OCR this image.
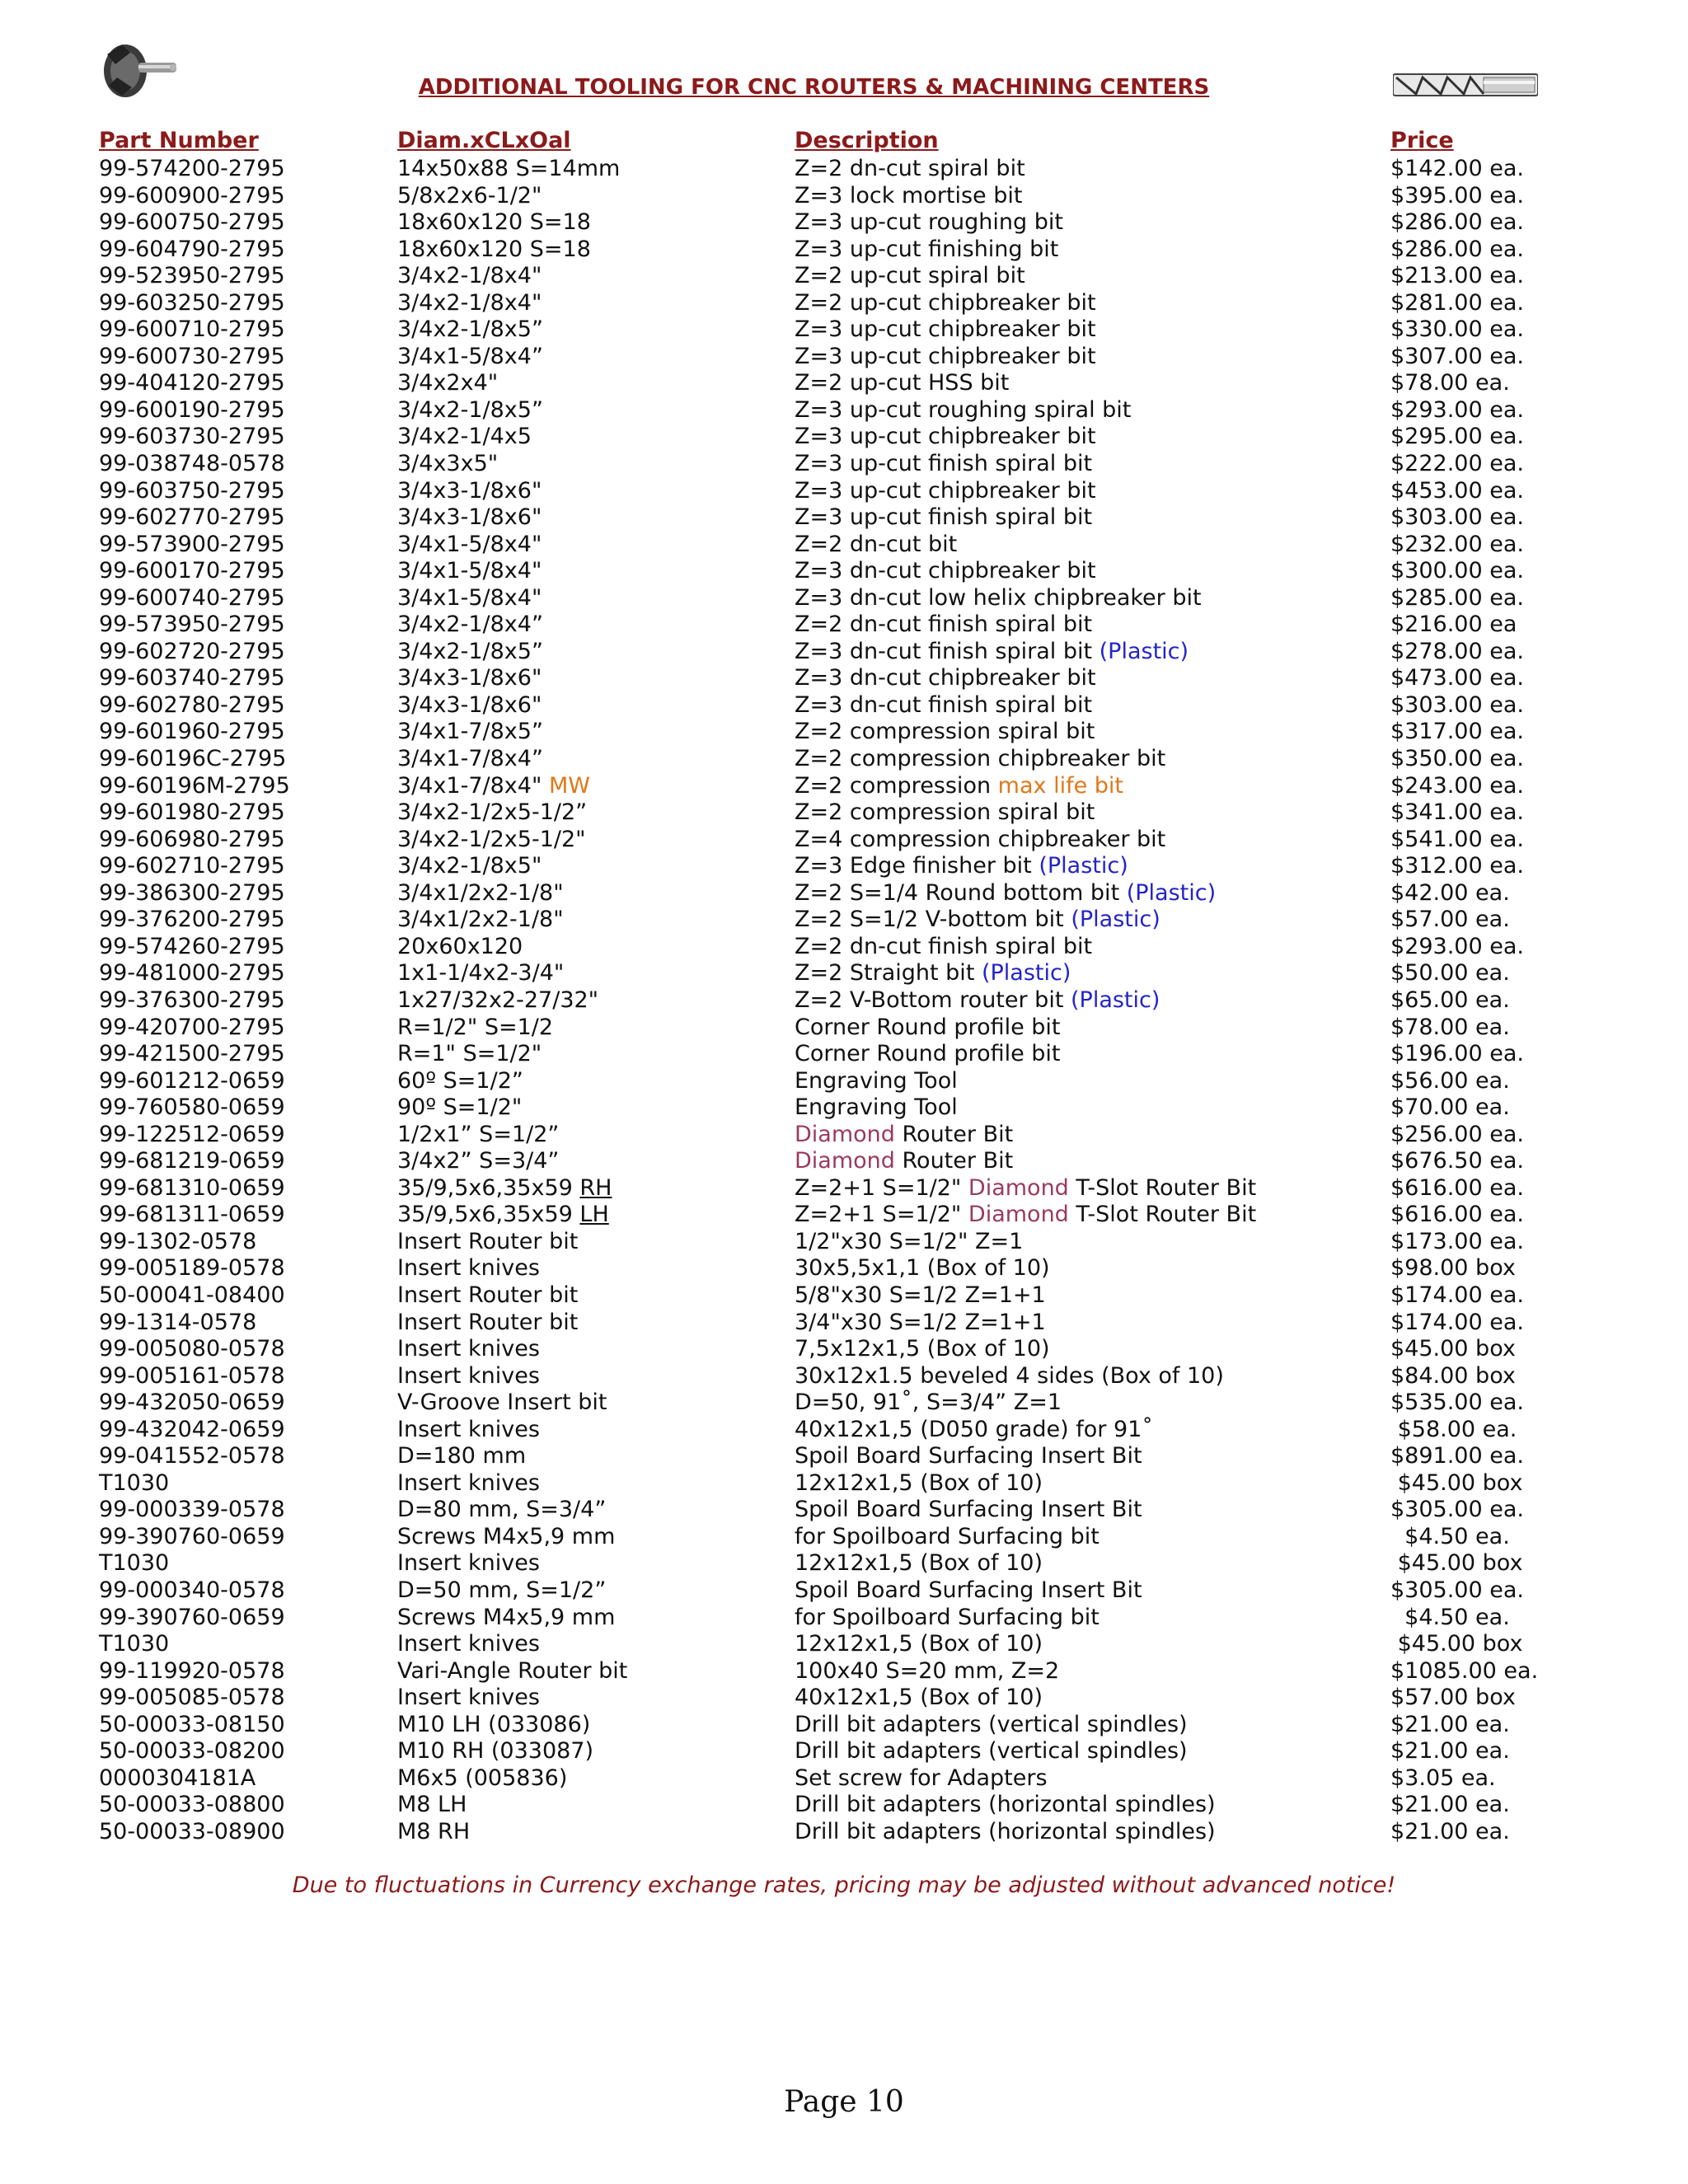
ADDITIONAL TOOLING FOR CNC ROUTERS & MACHINING CENTERS
Part Number	Diam.xCLxOal	Description	Price
99-574200-2795	14x50x88 S=14mm	Z=2 dn-cut spiral bit	$142.00 ea.
99-600900-2795	5/8x2x6-1/2"	Z=3 lock mortise bit	$395.00 ea.
99-600750-2795	18x60x120 S=18	Z=3 up-cut roughing bit	$286.00 ea.
99-604790-2795	18x60x120 S=18	Z=3 up-cut finishing bit	$286.00 ea.
99-523950-2795	3/4x2-1/8x4"	Z=2 up-cut spiral bit	$213.00 ea.
99-603250-2795	3/4x2-1/8x4"	Z=2 up-cut chipbreaker bit	$281.00 ea.
99-600710-2795	3/4x2-1/8x5”	Z=3 up-cut chipbreaker bit	$330.00 ea.
99-600730-2795	3/4x1-5/8x4”	Z=3 up-cut chipbreaker bit	$307.00 ea.
99-404120-2795	3/4x2x4"	Z=2 up-cut HSS bit	$78.00 ea.
99-600190-2795	3/4x2-1/8x5”	Z=3 up-cut roughing spiral bit	$293.00 ea.
99-603730-2795	3/4x2-1/4x5	Z=3 up-cut chipbreaker bit	$295.00 ea.
99-038748-0578	3/4x3x5"	Z=3 up-cut finish spiral bit	$222.00 ea.
99-603750-2795	3/4x3-1/8x6"	Z=3 up-cut chipbreaker bit	$453.00 ea.
99-602770-2795	3/4x3-1/8x6"	Z=3 up-cut finish spiral bit	$303.00 ea.
99-573900-2795	3/4x1-5/8x4"	Z=2 dn-cut bit	$232.00 ea.
99-600170-2795	3/4x1-5/8x4"	Z=3 dn-cut chipbreaker bit	$300.00 ea.
99-600740-2795	3/4x1-5/8x4"	Z=3 dn-cut low helix chipbreaker bit	$285.00 ea.
99-573950-2795	3/4x2-1/8x4”	Z=2 dn-cut finish spiral bit	$216.00 ea
99-602720-2795	3/4x2-1/8x5”	Z=3 dn-cut finish spiral bit (Plastic)	$278.00 ea.
99-603740-2795	3/4x3-1/8x6"	Z=3 dn-cut chipbreaker bit	$473.00 ea.
99-602780-2795	3/4x3-1/8x6"	Z=3 dn-cut finish spiral bit	$303.00 ea.
99-601960-2795	3/4x1-7/8x5”	Z=2 compression spiral bit	$317.00 ea.
99-60196C-2795	3/4x1-7/8x4”	Z=2 compression chipbreaker bit	$350.00 ea.
99-60196M-2795	3/4x1-7/8x4" MW	Z=2 compression max life bit	$243.00 ea.
99-601980-2795	3/4x2-1/2x5-1/2”	Z=2 compression spiral bit	$341.00 ea.
99-606980-2795	3/4x2-1/2x5-1/2"	Z=4 compression chipbreaker bit	$541.00 ea.
99-602710-2795	3/4x2-1/8x5"	Z=3 Edge finisher bit (Plastic)	$312.00 ea.
99-386300-2795	3/4x1/2x2-1/8"	Z=2 S=1/4 Round bottom bit (Plastic)	$42.00 ea.
99-376200-2795	3/4x1/2x2-1/8"	Z=2 S=1/2 V-bottom bit (Plastic)	$57.00 ea.
99-574260-2795	20x60x120	Z=2 dn-cut finish spiral bit	$293.00 ea.
99-481000-2795	1x1-1/4x2-3/4"	Z=2 Straight bit (Plastic)	$50.00 ea.
99-376300-2795	1x27/32x2-27/32"	Z=2 V-Bottom router bit (Plastic)	$65.00 ea.
99-420700-2795	R=1/2" S=1/2	Corner Round profile bit	$78.00 ea.
99-421500-2795	R=1" S=1/2"	Corner Round profile bit	$196.00 ea.
99-601212-0659	60º S=1/2”	Engraving Tool	$56.00 ea.
99-760580-0659	90º S=1/2"	Engraving Tool	$70.00 ea.
99-122512-0659	1/2x1” S=1/2”	Diamond Router Bit	$256.00 ea.
99-681219-0659	3/4x2” S=3/4”	Diamond Router Bit	$676.50 ea.
99-681310-0659	35/9,5x6,35x59 RH	Z=2+1 S=1/2" Diamond T-Slot Router Bit	$616.00 ea.
99-681311-0659	35/9,5x6,35x59 LH	Z=2+1 S=1/2" Diamond T-Slot Router Bit	$616.00 ea.
99-1302-0578	Insert Router bit	1/2"x30 S=1/2" Z=1	$173.00 ea.
99-005189-0578	Insert knives	30x5,5x1,1 (Box of 10)	$98.00 box
50-00041-08400	Insert Router bit	5/8"x30 S=1/2 Z=1+1	$174.00 ea.
99-1314-0578	Insert Router bit	3/4"x30 S=1/2 Z=1+1	$174.00 ea.
99-005080-0578	Insert knives	7,5x12x1,5 (Box of 10)	$45.00 box
99-005161-0578	Insert knives	30x12x1.5 beveled 4 sides (Box of 10)	$84.00 box
99-432050-0659	V-Groove Insert bit	D=50, 91˚, S=3/4” Z=1	$535.00 ea.
99-432042-0659	Insert knives	40x12x1,5 (D050 grade) for 91˚	$58.00 ea.
99-041552-0578	D=180 mm	Spoil Board Surfacing Insert Bit	$891.00 ea.
T1030	Insert knives	12x12x1,5 (Box of 10)	$45.00 box
99-000339-0578	D=80 mm, S=3/4”	Spoil Board Surfacing Insert Bit	$305.00 ea.
99-390760-0659	Screws M4x5,9 mm	for Spoilboard Surfacing bit	$4.50 ea.
T1030	Insert knives	12x12x1,5 (Box of 10)	$45.00 box
99-000340-0578	D=50 mm, S=1/2”	Spoil Board Surfacing Insert Bit	$305.00 ea.
99-390760-0659	Screws M4x5,9 mm	for Spoilboard Surfacing bit	$4.50 ea.
T1030	Insert knives	12x12x1,5 (Box of 10)	$45.00 box
99-119920-0578	Vari-Angle Router bit	100x40 S=20 mm, Z=2	$1085.00 ea.
99-005085-0578	Insert knives	40x12x1,5 (Box of 10)	$57.00 box
50-00033-08150	M10 LH (033086)	Drill bit adapters (vertical spindles)	$21.00 ea.
50-00033-08200	M10 RH (033087)	Drill bit adapters (vertical spindles)	$21.00 ea.
0000304181A	M6x5 (005836)	Set screw for Adapters	$3.05 ea.
50-00033-08800	M8 LH	Drill bit adapters (horizontal spindles)	$21.00 ea.
50-00033-08900	M8 RH	Drill bit adapters (horizontal spindles)	$21.00 ea.
Due to fluctuations in Currency exchange rates, pricing may be adjusted without advanced notice!
Page 10
